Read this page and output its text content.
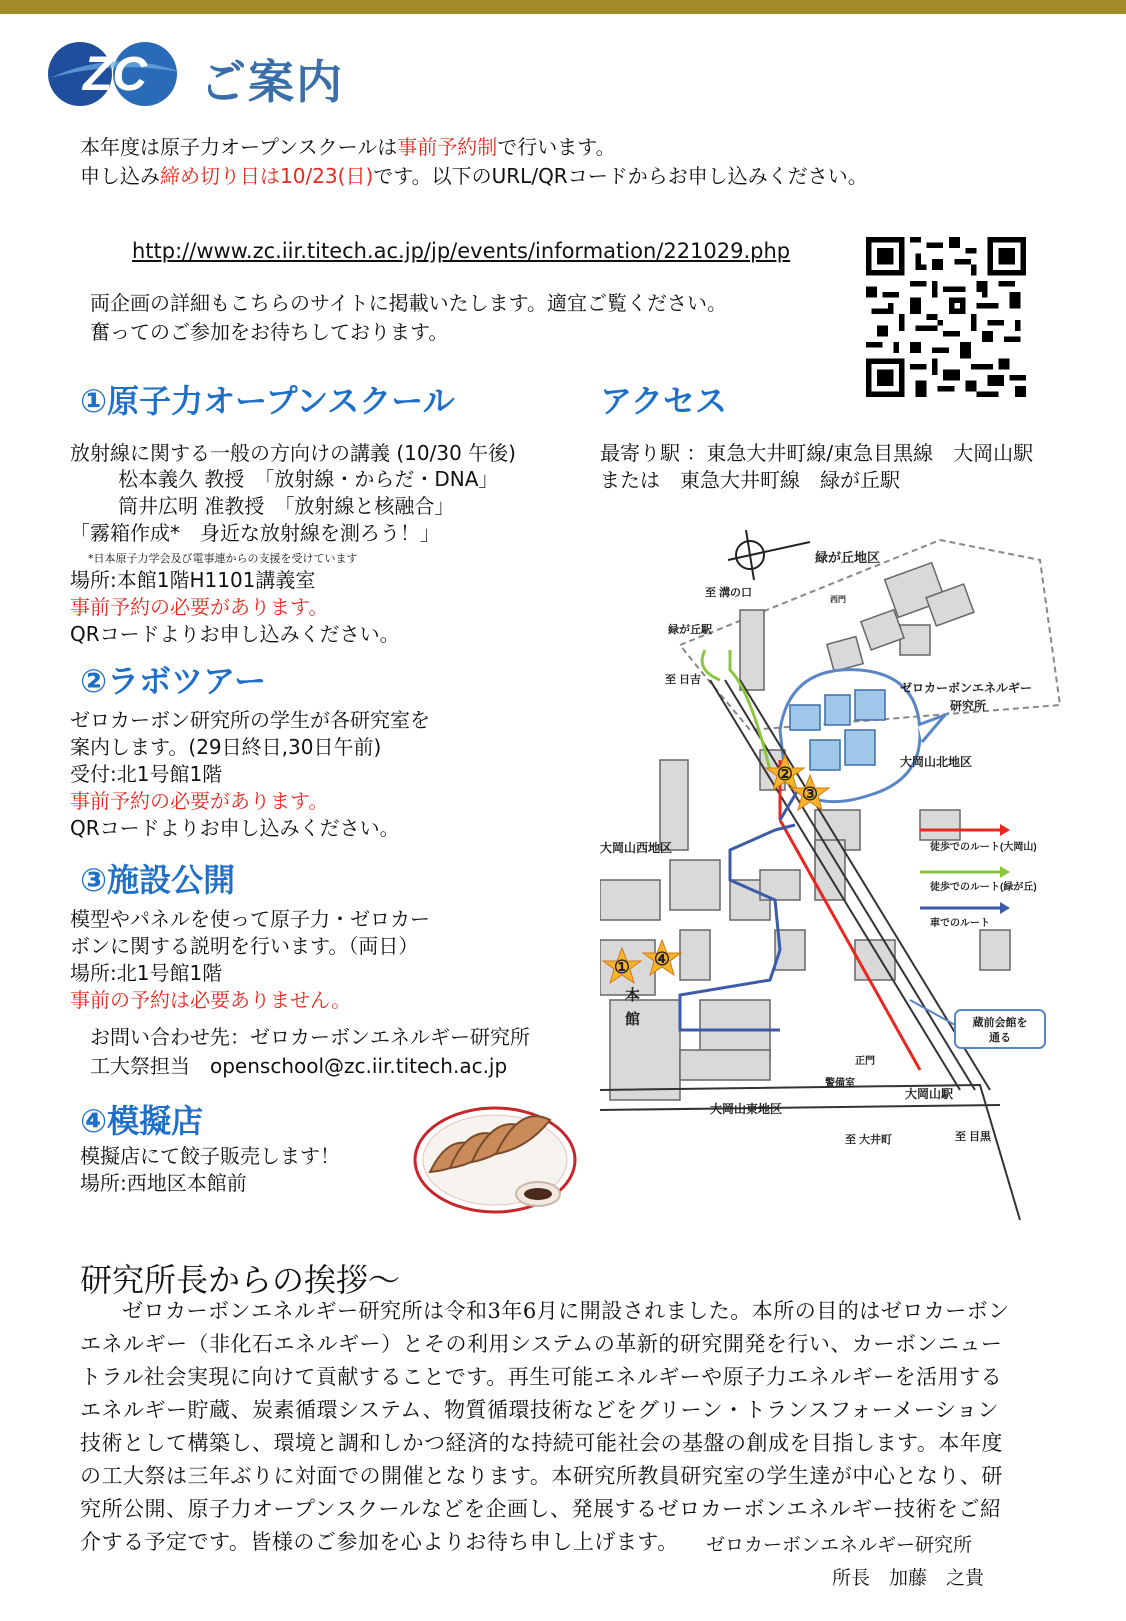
ZC ご案内
本年度は原子力オープンスクールは事前予約制で行います。
申し込み締め切り日は10/23(日)です。以下のURL/QRコードからお申し込みください。
http://www.zc.iir.titech.ac.jp/jp/events/information/221029.php
両企画の詳細もこちらのサイトに掲載いたします。適宜ご覧ください。
奮ってのご参加をお待ちしております。
①原子力オープンスクール
放射線に関する一般の方向けの講義 (10/30 午後)
松本義久 教授　「放射線・からだ・DNA」
筒井広明 准教授　「放射線と核融合」
「霧箱作成*　身近な放射線を測ろう！」
*日本原子力学会及び電事連からの支援を受けています
場所:本館1階H1101講義室
事前予約の必要があります。
QRコードよりお申し込みください。
②ラボツアー
ゼロカーボン研究所の学生が各研究室を
案内します。(29日終日,30日午前)
受付:北1号館1階
事前予約の必要があります。
QRコードよりお申し込みください。
③施設公開
模型やパネルを使って原子力・ゼロカー
ボンに関する説明を行います。（両日）
場所:北1号館1階
事前の予約は必要ありません。
お問い合わせ先：ゼロカーボンエネルギー研究所
工大祭担当　openschool@zc.iir.titech.ac.jp
④模擬店
模擬店にて餃子販売します！
場所:西地区本館前
アクセス
最寄り駅 ：東急大井町線/東急目黒線　大岡山駅
または　東急大井町線　緑が丘駅
②
③
① ④
緑が丘地区
至 溝の口
緑が丘駅
至 日吉
西門
ゼロカーボンエネルギー
研究所
大岡山北地区
大岡山西地区	徒歩でのルート(大岡山)
徒歩でのルート(緑が丘)
車でのルート
蔵前会館を
通る
正門
警備室
大岡山駅
大岡山東地区
至 大井町	至 目黒
本
館
研究所長からの挨拶～
ゼロカーボンエネルギー研究所は令和3年6月に開設されました。本所の目的はゼロカーボンエネルギー（非化石エネルギー）とその利用システムの革新的研究開発を行い、カーボンニュートラル社会実現に向けて貢献することです。再生可能エネルギーや原子力エネルギーを活用するエネルギー貯蔵、炭素循環システム、物質循環技術などをグリーン・トランスフォーメーション技術として構築し、環境と調和しかつ経済的な持続可能社会の基盤の創成を目指します。本年度の工大祭は三年ぶりに対面での開催となります。本研究所教員研究室の学生達が中心となり、研究所公開、原子力オープンスクールなどを企画し、発展するゼロカーボンエネルギー技術をご紹介する予定です。皆様のご参加を心よりお待ち申し上げます。	ゼロカーボンエネルギー研究所
所長　加藤　之貴
